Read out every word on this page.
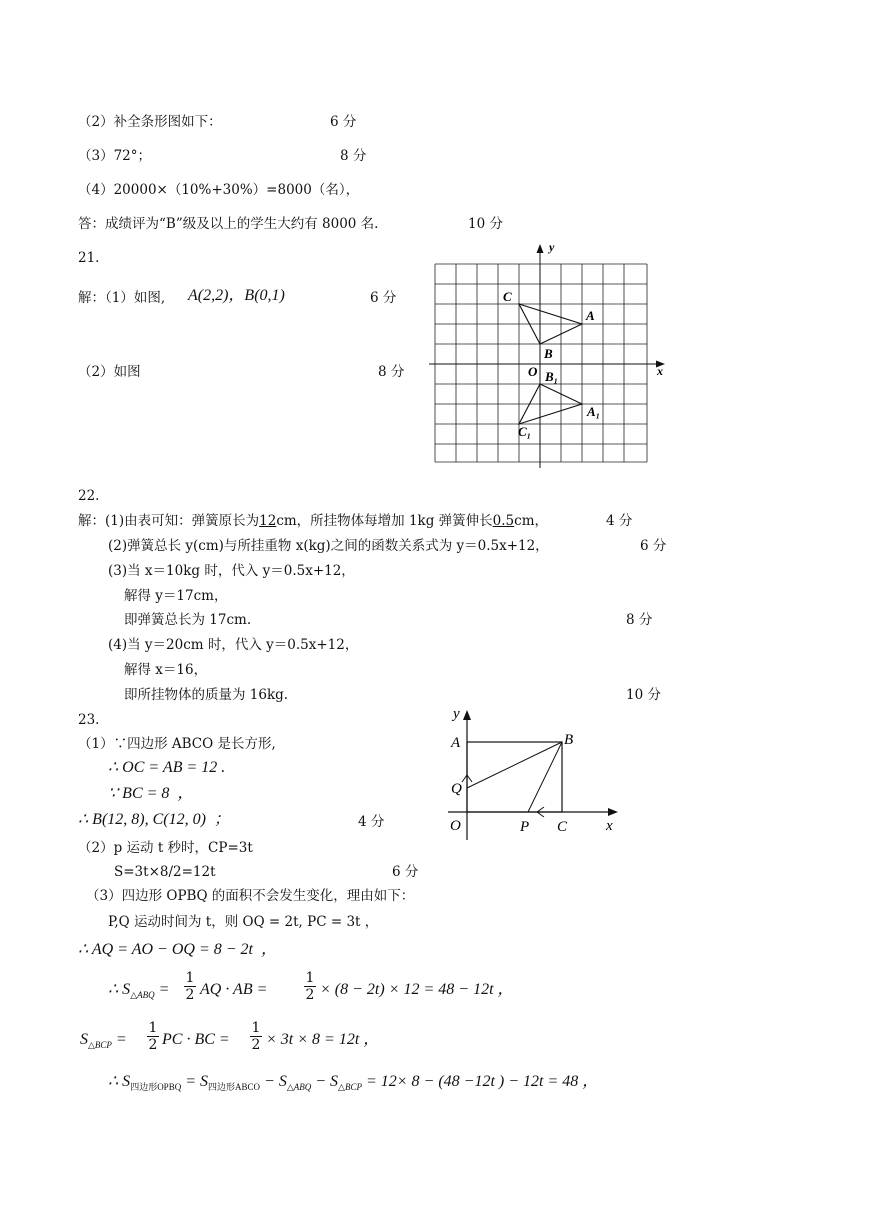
（2）补全条形图如下：	6 分
（3）72°；	8 分
（4）20000×（10%+30%）=8000（名），
答：成绩评为“B”级及以上的学生大约有 8000 名.	10 分
21.
解：（1）如图, A(2,2)，B(0,1)	6 分
（2）如图	8 分
y
x
O
C
A
B
B₁
A₁
C₁
22.
解：(1)由表可知：弹簧原长为12cm，所挂物体每增加 1kg 弹簧伸长0.5cm，	4 分
(2)弹簧总长 y(cm)与所挂重物 x(kg)之间的函数关系式为 y＝0.5x+12，	6 分
(3)当 x＝10kg 时，代入 y＝0.5x+12，
解得 y＝17cm，
即弹簧总长为 17cm.	8 分
(4)当 y＝20cm 时，代入 y＝0.5x+12，
解得 x＝16，
即所挂物体的质量为 16kg.	10 分
23.
（1）∵四边形 ABCO 是长方形,
∴ OC = AB = 12 .
∵ BC = 8  ，
∴ B(12, 8), C(12, 0)  ；	4 分
（2）p 运动 t 秒时，CP=3t
S=3t×8/2=12t	6 分
（3）四边形 OPBQ 的面积不会发生变化，理由如下：
P,Q 运动时间为 t，则 OQ = 2t, PC = 3t ，
∴ AQ = AO − OQ = 8 − 2t  ，
∴ $S_{\triangle ABQ} = \frac{1}{2}$ AQ · AB =	$\frac{1}{2} \times (8 - 2t) \times 12 = 48 - 12t$ ，
$S_{\triangle BCP} = \frac{1}{2}$ PC · BC = $\frac{1}{2} \times 3t \times 8 = 12t$ ，
∴ $S_{四边形OPBQ} = S_{四边形ABCO} - S_{\triangle ABQ} - S_{\triangle BCP} = 12\times 8 - (48 -12t$ ) − 12t = 48 ，
y
x
O
A	B
Q
P C
